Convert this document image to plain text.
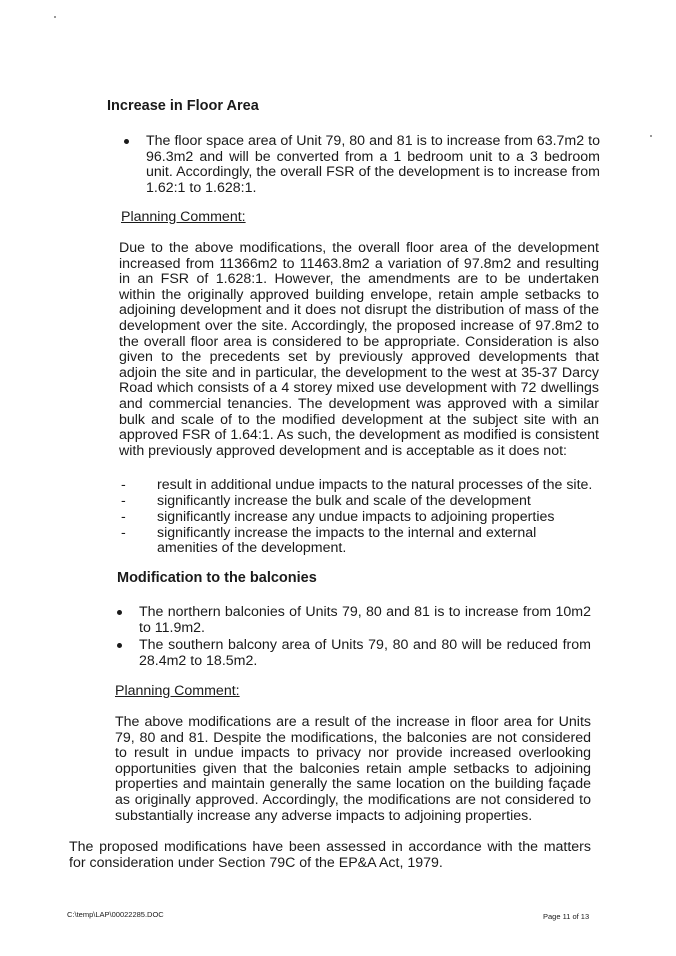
Increase in Floor Area
The floor space area of Unit 79, 80 and 81 is to increase from 63.7m2 to 96.3m2 and will be converted from a 1 bedroom unit to a 3 bedroom unit. Accordingly, the overall FSR of the development is to increase from 1.62:1 to 1.628:1.

Planning Comment:

Due to the above modifications, the overall floor area of the development increased from 11366m2 to 11463.8m2 a variation of 97.8m2 and resulting in an FSR of 1.628:1. However, the amendments are to be undertaken within the originally approved building envelope, retain ample setbacks to adjoining development and it does not disrupt the distribution of mass of the development over the site. Accordingly, the proposed increase of 97.8m2 to the overall floor area is considered to be appropriate. Consideration is also given to the precedents set by previously approved developments that adjoin the site and in particular, the development to the west at 35-37 Darcy Road which consists of a 4 storey mixed use development with 72 dwellings and commercial tenancies. The development was approved with a similar bulk and scale of to the modified development at the subject site with an approved FSR of 1.64:1. As such, the development as modified is consistent with previously approved development and is acceptable as it does not:

- result in additional undue impacts to the natural processes of the site.
- significantly increase the bulk and scale of the development
- significantly increase any undue impacts to adjoining properties
- significantly increase the impacts to the internal and external amenities of the development.
Modification to the balconies
The northern balconies of Units 79, 80 and 81 is to increase from 10m2 to 11.9m2.
The southern balcony area of Units 79, 80 and 80 will be reduced from 28.4m2 to 18.5m2.

Planning Comment:

The above modifications are a result of the increase in floor area for Units 79, 80 and 81. Despite the modifications, the balconies are not considered to result in undue impacts to privacy nor provide increased overlooking opportunities given that the balconies retain ample setbacks to adjoining properties and maintain generally the same location on the building façade as originally approved. Accordingly, the modifications are not considered to substantially increase any adverse impacts to adjoining properties.

The proposed modifications have been assessed in accordance with the matters for consideration under Section 79C of the EP&A Act, 1979.

C:\temp\LAP\00022285.DOC	Page 11 of 13
